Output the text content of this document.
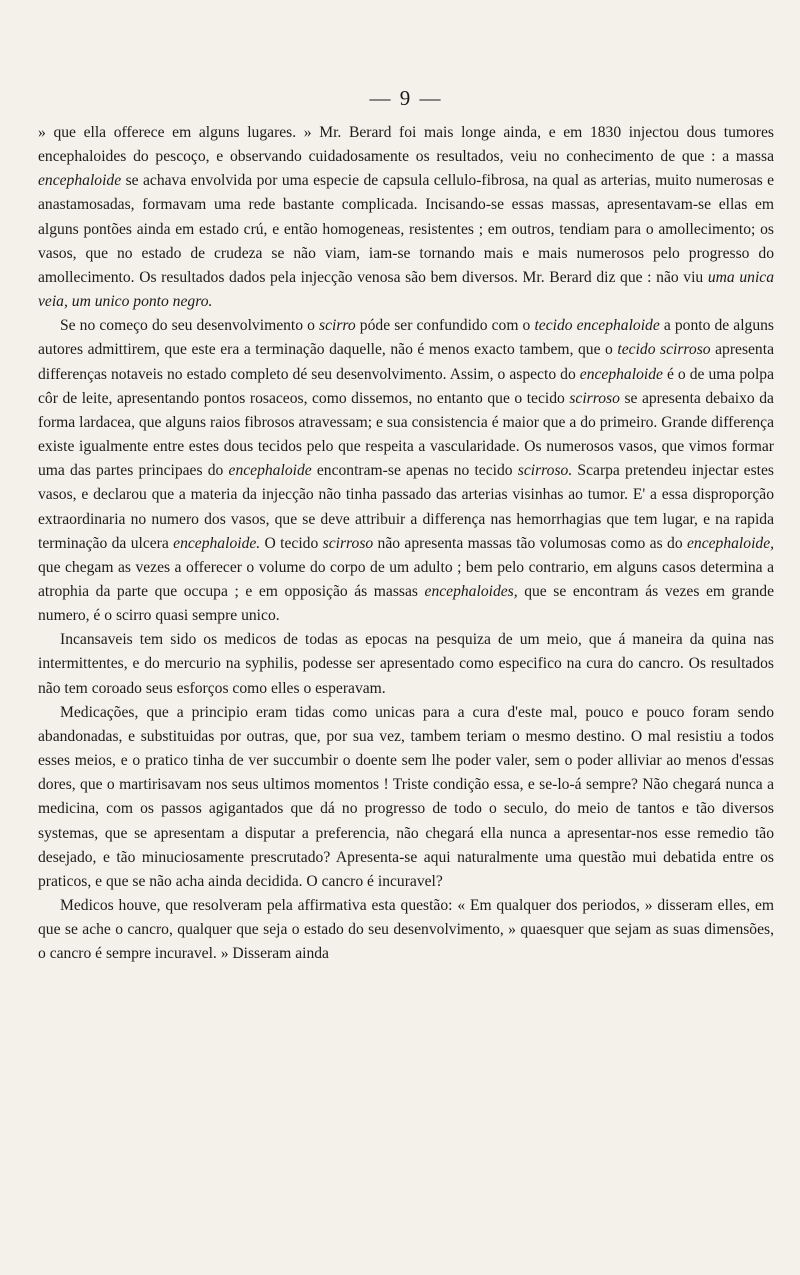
— 9 —

» que ella offerece em alguns lugares. » Mr. Berard foi mais longe ainda, e em 1830 injectou dous tumores encephaloides do pescoço, e observando cuidadosamente os resultados, veiu no conhecimento de que : a massa encephaloide se achava envolvida por uma especie de capsula cellulo-fibrosa, na qual as arterias, muito numerosas e anastamosadas, formavam uma rede bastante complicada. Incisando-se essas massas, apresentavam-se ellas em alguns pontões ainda em estado crú, e então homogeneas, resistentes ; em outros, tendiam para o amollecimento; os vasos, que no estado de crudeza se não viam, iam-se tornando mais e mais numerosos pelo progresso do amollecimento. Os resultados dados pela injecção venosa são bem diversos. Mr. Berard diz que : não viu uma unica veia, um unico ponto negro.

Se no começo do seu desenvolvimento o scirro póde ser confundido com o tecido encephaloide a ponto de alguns autores admittirem, que este era a terminação daquelle, não é menos exacto tambem, que o tecido scirroso apresenta differenças notaveis no estado completo dé seu desenvolvimento. Assim, o aspecto do encephaloide é o de uma polpa côr de leite, apresentando pontos rosaceos, como dissemos, no entanto que o tecido scirroso se apresenta debaixo da forma lardacea, que alguns raios fibrosos atravessam; e sua consistencia é maior que a do primeiro. Grande differença existe igualmente entre estes dous tecidos pelo que respeita a vascularidade. Os numerosos vasos, que vimos formar uma das partes principaes do encephaloide encontram-se apenas no tecido scirroso. Scarpa pretendeu injectar estes vasos, e declarou que a materia da injecção não tinha passado das arterias visinhas ao tumor. E' a essa disproporção extraordinaria no numero dos vasos, que se deve attribuir a differença nas hemorrhagias que tem lugar, e na rapida terminação da ulcera encephaloide. O tecido scirroso não apresenta massas tão volumosas como as do encephaloide, que chegam as vezes a offerecer o volume do corpo de um adulto ; bem pelo contrario, em alguns casos determina a atrophia da parte que occupa ; e em opposição ás massas encephaloides, que se encontram ás vezes em grande numero, é o scirro quasi sempre unico.

Incansaveis tem sido os medicos de todas as epocas na pesquiza de um meio, que á maneira da quina nas intermittentes, e do mercurio na syphilis, podesse ser apresentado como especifico na cura do cancro. Os resultados não tem coroado seus esforços como elles o esperavam.

Medicações, que a principio eram tidas como unicas para a cura d'este mal, pouco e pouco foram sendo abandonadas, e substituidas por outras, que, por sua vez, tambem teriam o mesmo destino. O mal resistiu a todos esses meios, e o pratico tinha de ver succumbir o doente sem lhe poder valer, sem o poder alliviar ao menos d'essas dores, que o martirisavam nos seus ultimos momentos ! Triste condição essa, e se-lo-á sempre? Não chegará nunca a medicina, com os passos agigantados que dá no progresso de todo o seculo, do meio de tantos e tão diversos systemas, que se apresentam a disputar a preferencia, não chegará ella nunca a apresentar-nos esse remedio tão desejado, e tão minuciosamente prescrutado? Apresenta-se aqui naturalmente uma questão mui debatida entre os praticos, e que se não acha ainda decidida. O cancro é incuravel?

Medicos houve, que resolveram pela affirmativa esta questão: « Em qualquer dos periodos, » disseram elles, em que se ache o cancro, qualquer que seja o estado do seu desenvolvimento, » quaesquer que sejam as suas dimensões, o cancro é sempre incuravel. » Disseram ainda
